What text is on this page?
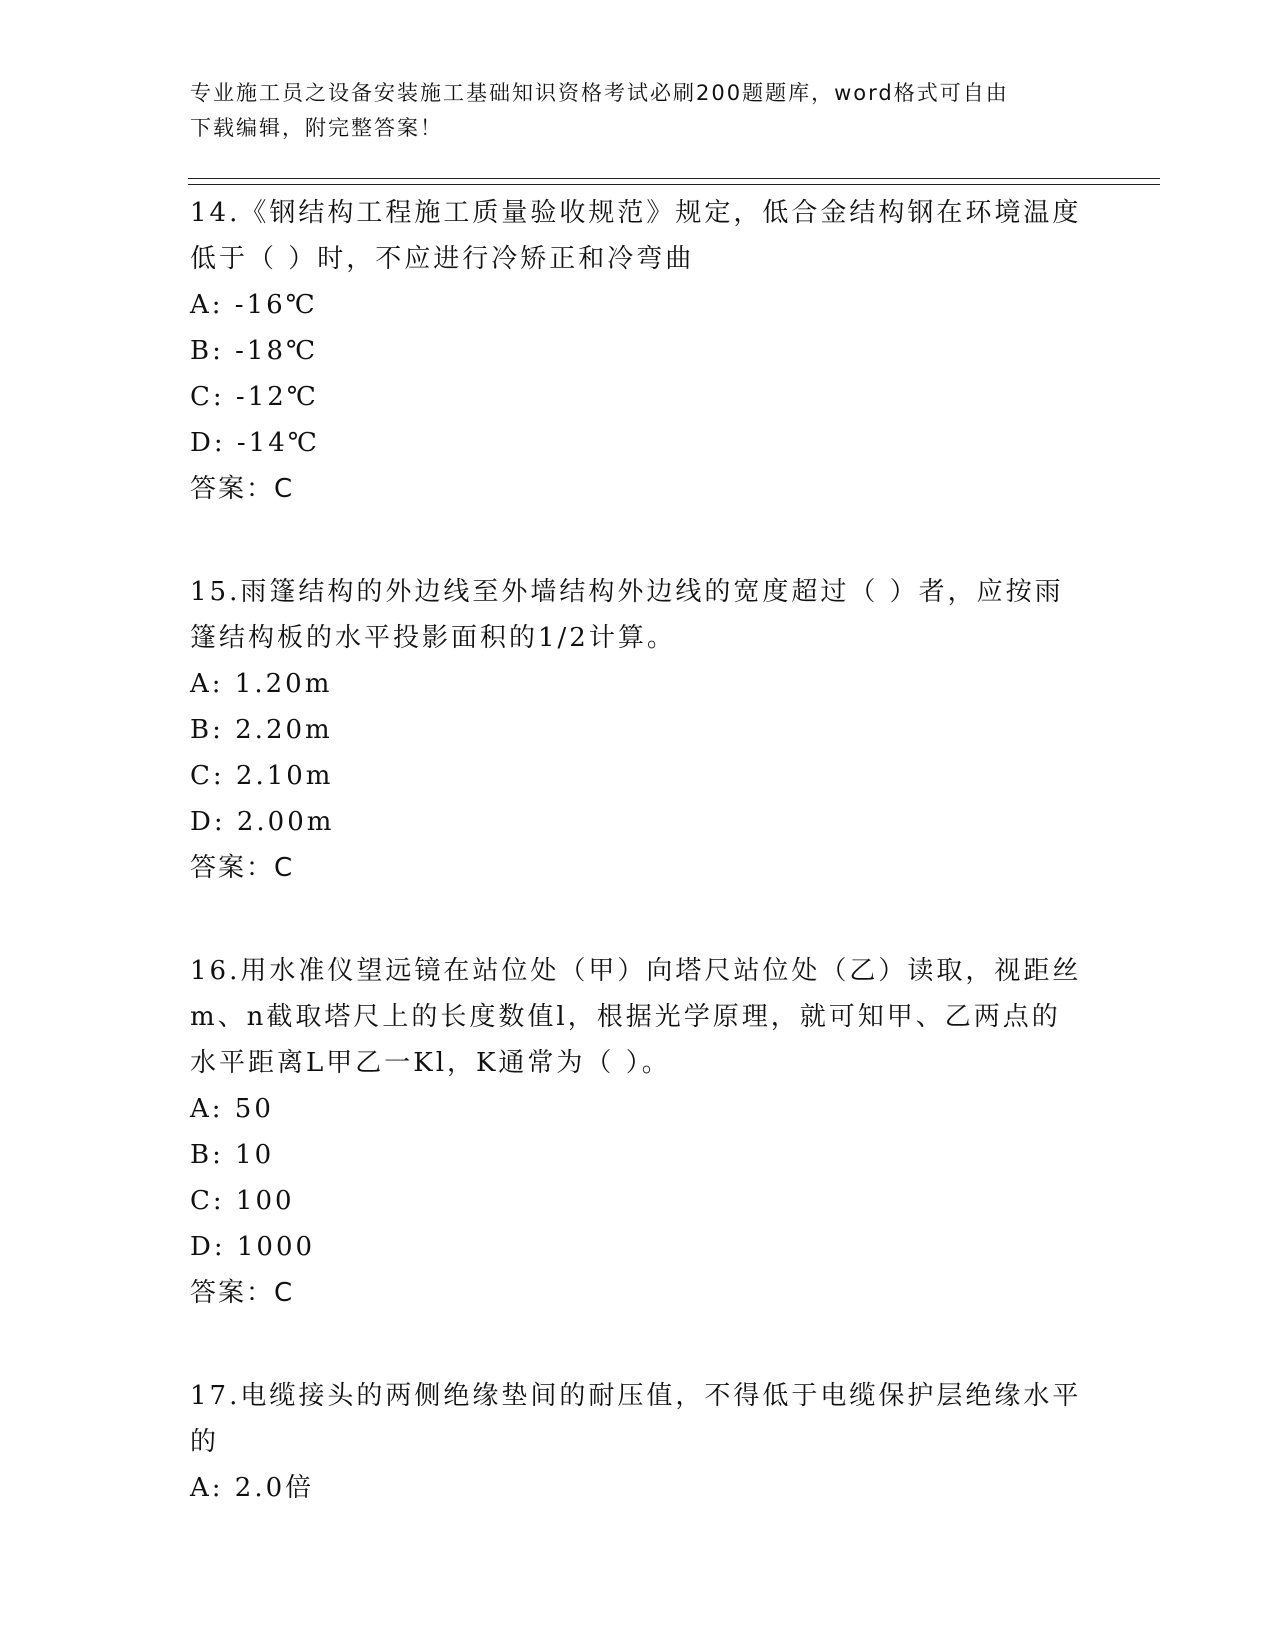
专业施工员之设备安装施工基础知识资格考试必刷200题题库，word格式可自由
下载编辑，附完整答案！
14.《钢结构工程施工质量验收规范》规定，低合金结构钢在环境温度
低于（ ）时，不应进行冷矫正和冷弯曲
A: -16℃
B: -18℃
C: -12℃
D: -14℃
答案：C
15.雨篷结构的外边线至外墙结构外边线的宽度超过（ ）者，应按雨
篷结构板的水平投影面积的1/2计算。
A: 1.20m
B: 2.20m
C: 2.10m
D: 2.00m
答案：C
16.用水准仪望远镜在站位处（甲）向塔尺站位处（乙）读取，视距丝
m、n截取塔尺上的长度数值l，根据光学原理，就可知甲、乙两点的
水平距离L甲乙一Kl，K通常为（ ）。
A: 50
B: 10
C: 100
D: 1000
答案：C
17.电缆接头的两侧绝缘垫间的耐压值，不得低于电缆保护层绝缘水平
的
A: 2.0倍
